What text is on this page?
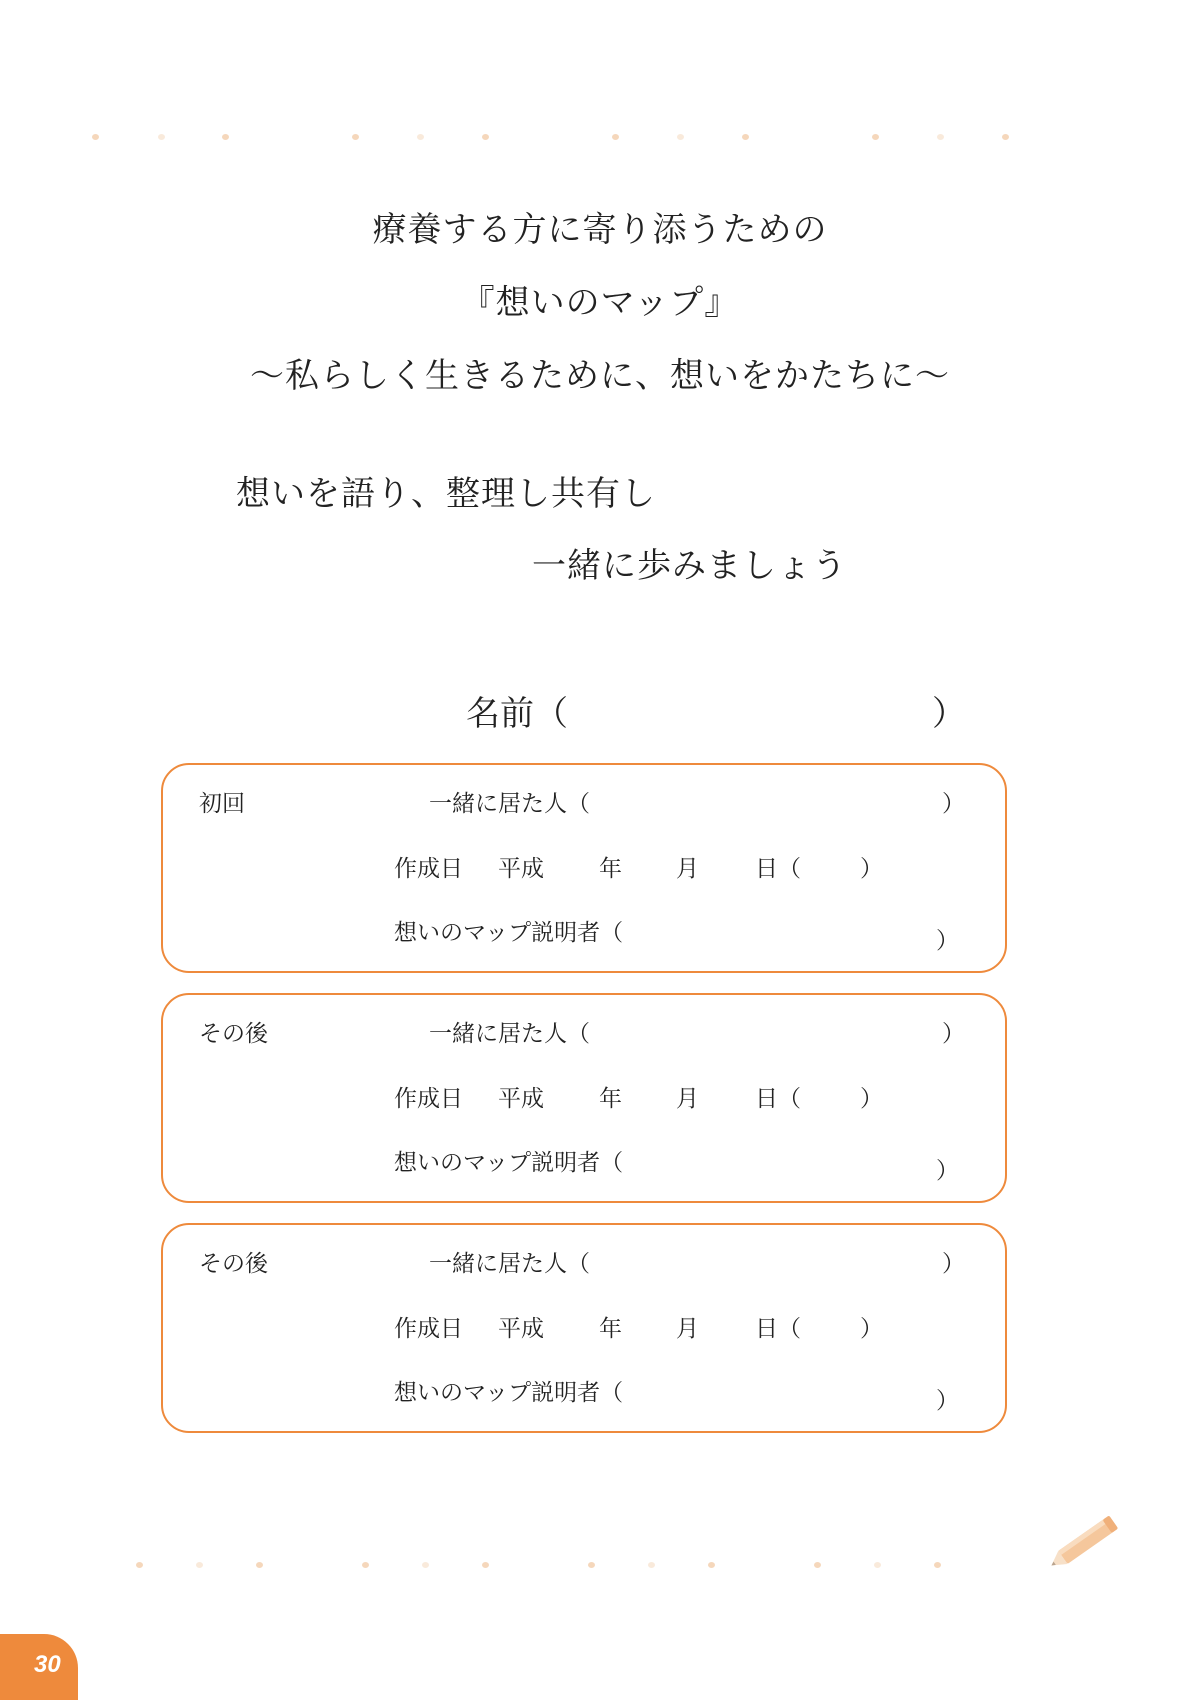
療養する方に寄り添うための
『想いのマップ』
～私らしく生きるために、想いをかたちに～
想いを語り、整理し共有し
一緒に歩みましょう
名前（	）
初回	一緒に居た人（	）
作成日 平成 年 月 日（	）
想いのマップ説明者（	）
その後	一緒に居た人（	）
作成日 平成 年 月 日（	）
想いのマップ説明者（	）
その後	一緒に居た人（	）
作成日 平成 年 月 日（	）
想いのマップ説明者（	）
30
